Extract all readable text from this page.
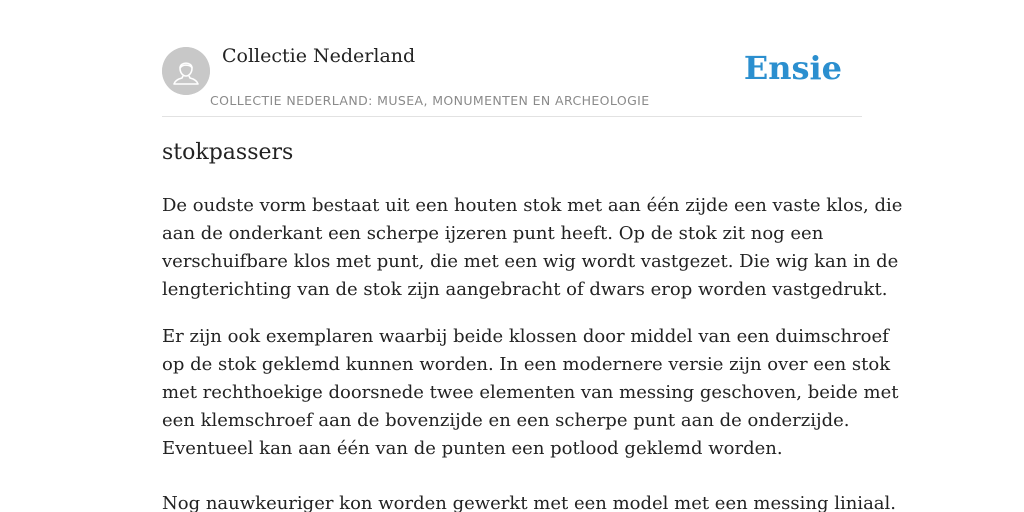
Collectie Nederland
COLLECTIE NEDERLAND: MUSEA, MONUMENTEN EN ARCHEOLOGIE
Ensie
stokpassers

De oudste vorm bestaat uit een houten stok met aan één zijde een vaste klos, die
aan de onderkant een scherpe ijzeren punt heeft. Op de stok zit nog een
verschuifbare klos met punt, die met een wig wordt vastgezet. Die wig kan in de
lengterichting van de stok zijn aangebracht of dwars erop worden vastgedrukt.

Er zijn ook exemplaren waarbij beide klossen door middel van een duimschroef
op de stok geklemd kunnen worden. In een modernere versie zijn over een stok
met rechthoekige doorsnede twee elementen van messing geschoven, beide met
een klemschroef aan de bovenzijde en een scherpe punt aan de onderzijde.
Eventueel kan aan één van de punten een potlood geklemd worden.

Nog nauwkeuriger kon worden gewerkt met een model met een messing liniaal.
